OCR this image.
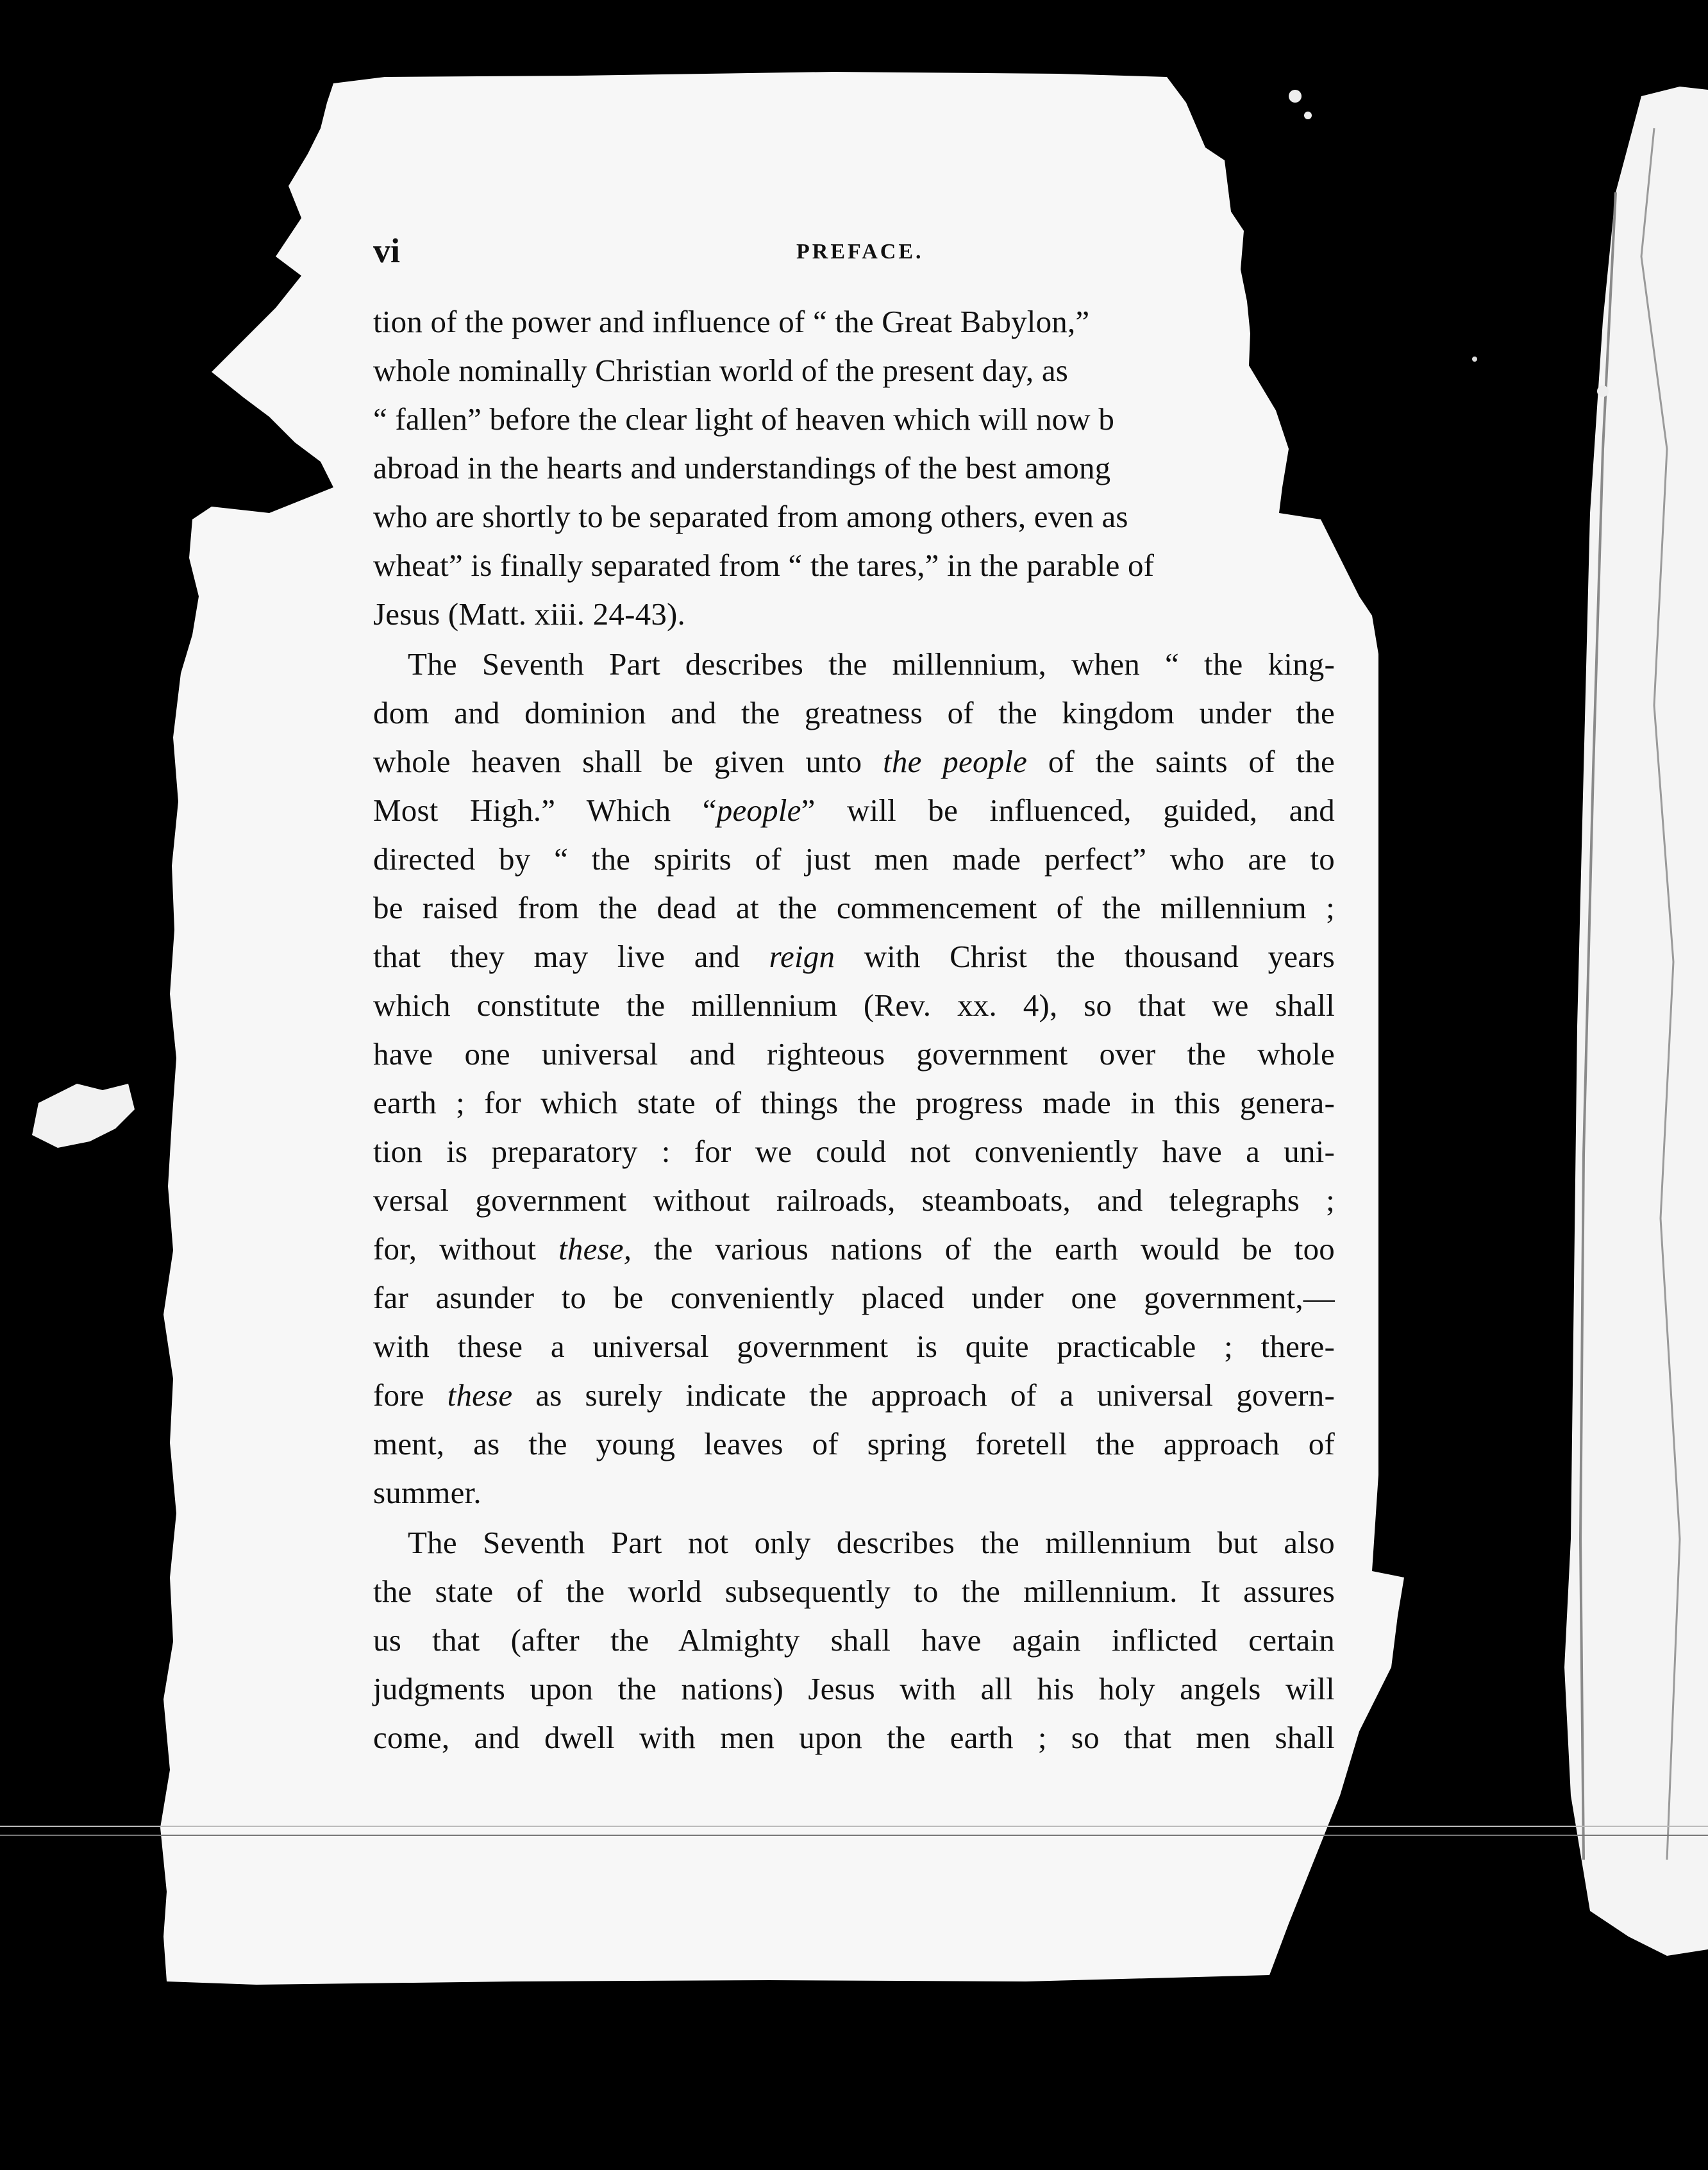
vi	PREFACE.
tion of the power and influence of “ the Great Babylon,”
whole nominally Christian world of the present day, as
“ fallen” before the clear light of heaven which will now b
abroad in the hearts and understandings of the best among
who are shortly to be separated from among others, even as
wheat” is finally separated from “ the tares,” in the parable of
Jesus (Matt. xiii. 24-43).
The Seventh Part describes the millennium, when “ the king-
dom and dominion and the greatness of the kingdom under the
whole heaven shall be given unto the people of the saints of the
Most High.” Which “people” will be influenced, guided, and
directed by “ the spirits of just men made perfect” who are to
be raised from the dead at the commencement of the millennium ;
that they may live and reign with Christ the thousand years
which constitute the millennium (Rev. xx. 4), so that we shall
have one universal and righteous government over the whole
earth ; for which state of things the progress made in this genera-
tion is preparatory : for we could not conveniently have a uni-
versal government without railroads, steamboats, and telegraphs ;
for, without these, the various nations of the earth would be too
far asunder to be conveniently placed under one government,—
with these a universal government is quite practicable ; there-
fore these as surely indicate the approach of a universal govern-
ment, as the young leaves of spring foretell the approach of
summer.
The Seventh Part not only describes the millennium but also
the state of the world subsequently to the millennium. It assures
us that (after the Almighty shall have again inflicted certain
judgments upon the nations) Jesus with all his holy angels will
come, and dwell with men upon the earth ; so that men shall
